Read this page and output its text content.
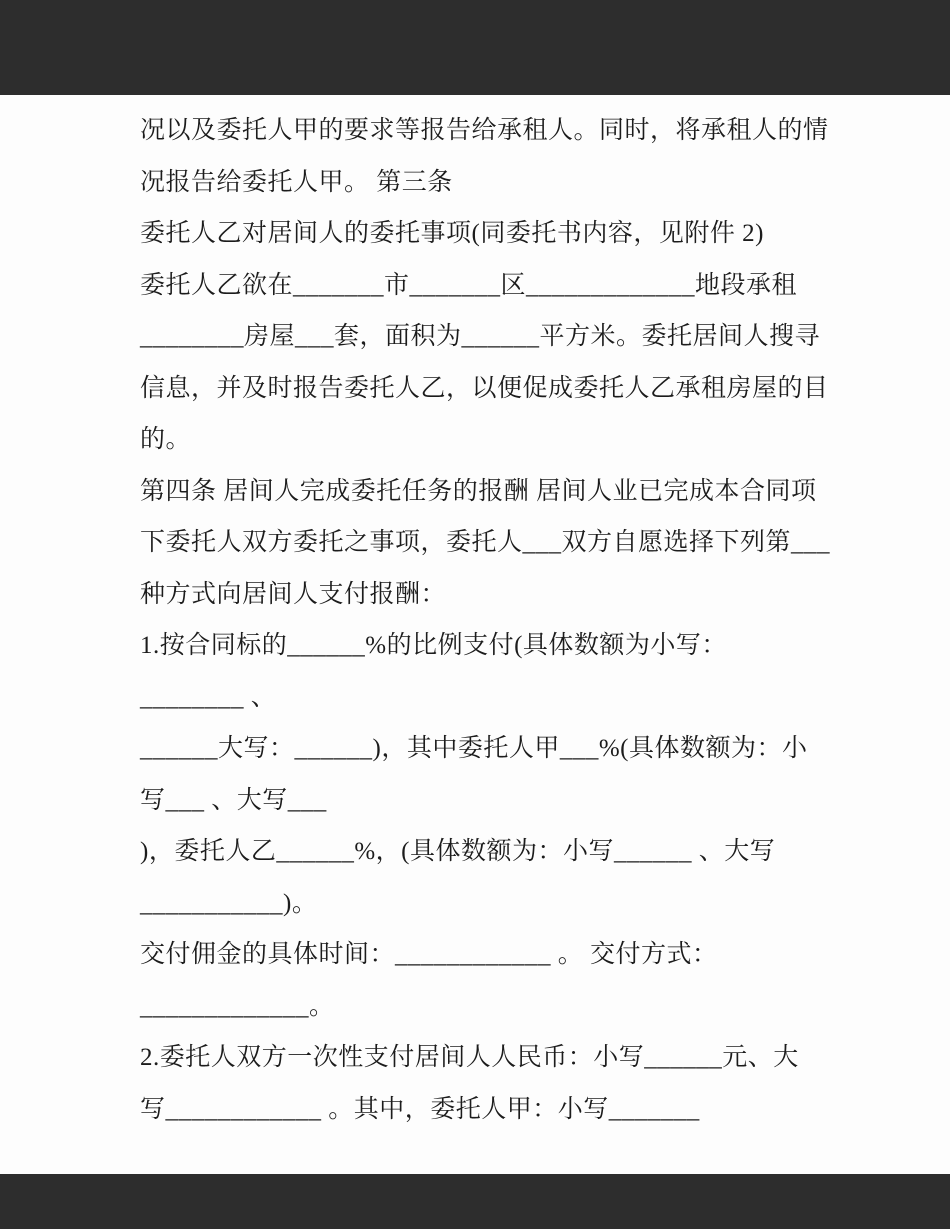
况以及委托人甲的要求等报告给承租人。同时，将承租人的情

况报告给委托人甲。 第三条

委托人乙对居间人的委托事项(同委托书内容，见附件 2)

委托人乙欲在_______市_______区_____________地段承租

________房屋___套，面积为______平方米。委托居间人搜寻

信息，并及时报告委托人乙，以便促成委托人乙承租房屋的目

的。

第四条 居间人完成委托任务的报酬 居间人业已完成本合同项

下委托人双方委托之事项，委托人___双方自愿选择下列第___

种方式向居间人支付报酬：

1.按合同标的______%的比例支付(具体数额为小写：

________ 、

______大写：______)，其中委托人甲___%(具体数额为：小

写___ 、大写___

)，委托人乙______%，(具体数额为：小写______ 、大写

___________)。

交付佣金的具体时间：____________ 。 交付方式：

_____________。

2.委托人双方一次性支付居间人人民币：小写______元、大

写____________ 。其中，委托人甲：小写_______
